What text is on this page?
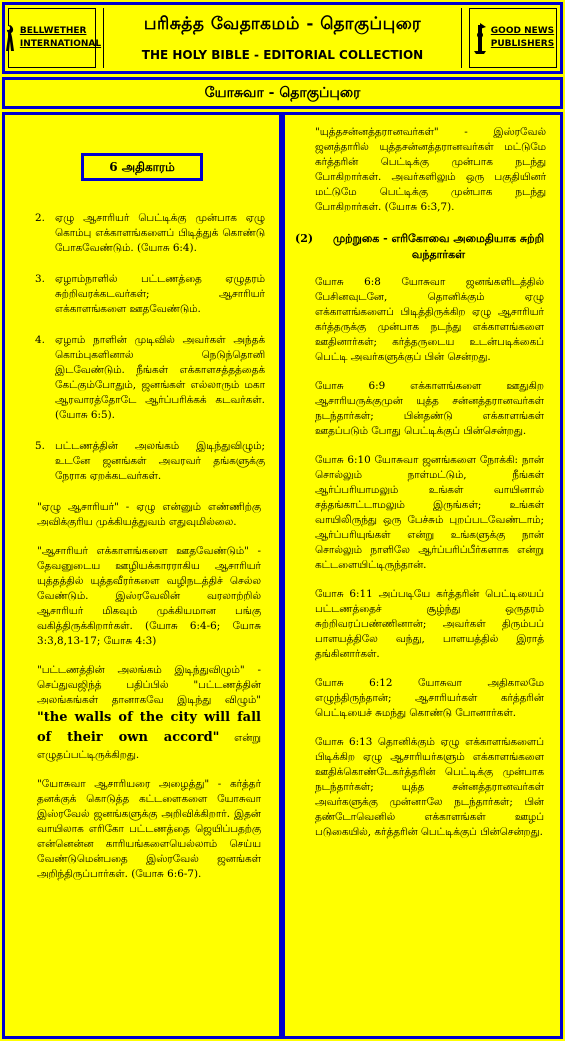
BELLWETHER
INTERNATIONAL
பரிசுத்த வேதாகமம் - தொகுப்புரை
THE HOLY BIBLE - EDITORIAL COLLECTION
GOOD NEWS
PUBLISHERS
யோசுவா - தொகுப்புரை
6 அதிகாரம்
2. ஏழு ஆசாரியர் பெட்டிக்கு முன்பாக ஏழு கொம்பு எக்காளங்களைப் பிடித்துக் கொண்டு போகவேண்டும். (யோசு 6:4).
3. ஏழாம்நாளில் பட்டணத்தை ஏழுதரம் சுற்றிவரக்கடவர்கள்; ஆசாரியர் எக்காளங்களை ஊதவேண்டும்.
4. ஏழாம் நாளின் முடிவில் அவர்கள் அந்தக் கொம்புகளினால் நெடுந்தொனி இடவேண்டும். நீங்கள் எக்காளசத்தத்தைக் கேட்கும்போதும், ஜனங்கள் எல்லாரும் மகா ஆரவாரத்தோடே ஆர்ப்பரிக்கக் கடவர்கள். (யோசு 6:5).
5. பட்டணத்தின் அலங்கம் இடிந்துவிழும்; உடனே ஜனங்கள் அவரவர் தங்களுக்கு நேராக ஏறக்கடவர்கள்.
"ஏழு ஆசாரியர்" - ஏழு என்னும் எண்ணிற்கு அவிக்குரிய முக்கியத்துவம் எதுவுமில்லை.
"ஆசாரியர் எக்காளங்களை ஊதவேண்டும்" - தேவனுடைய ஊழியக்காரராகிய ஆசாரியர் யுத்தத்தில் யுத்தவீரர்களை வழிநடத்திச் செல்ல வேண்டும். இஸ்ரவேலின் வரலாற்றில் ஆசாரியர் மிகவும் முக்கியமான பங்கு வகித்திருக்கிறார்கள். (யோசு 6:4-6; யோசு 3:3,8,13-17; யோசு 4:3)
"பட்டணத்தின் அலங்கம் இடிந்துவிழும்" - செப்துவஜிந்த் பதிப்பில் "பட்டணத்தின் அலங்கங்கள் தானாகவே இடிந்து விழும்" "the walls of the city will fall of their own accord" என்று எழுதப்பட்டிருக்கிறது.
"யோசுவா ஆசாரியரை அழைத்து" - கர்த்தர் தனக்குக் கொடுத்த கட்டளைகளை யோசுவா இஸ்ரவேல் ஜனங்களுக்கு அறிவிக்கிறார். இதன் வாயிலாக எரிகோ பட்டணத்தை ஜெயிப்பதற்கு என்னென்ன காரியங்களையெல்லாம் செய்ய வேண்டுமென்பதை இஸ்ரவேல் ஜனங்கள் அறிந்திருப்பார்கள். (யோசு 6:6-7).
"யுத்தசன்னத்தரானவர்கள்" - இஸ்ரவேல் ஜனத்தாரில் யுத்தசன்னத்தரானவர்கள் மட்டுமே கர்த்தரின் பெட்டிக்கு முன்பாக நடந்து போகிறார்கள். அவர்களிலும் ஒரு பகுதியினர் மட்டுமே பெட்டிக்கு முன்பாக நடந்து போகிறார்கள். (யோசு 6:3,7).
(2)	முற்றுகை - எரிகோவை அமைதியாக சுற்றி வந்தார்கள்
யோசு 6:8 யோசுவா ஜனங்களிடத்தில் பேசினவுடனே, தொனிக்கும் ஏழு எக்காளங்களைப் பிடித்திருக்கிற ஏழு ஆசாரியர் கர்த்தருக்கு முன்பாக நடந்து எக்காளங்களை ஊதினார்கள்; கர்த்தருடைய உடன்படிக்கைப் பெட்டி அவர்களுக்குப் பின் சென்றது.
யோசு 6:9 எக்காளங்களை ஊதுகிற ஆசாரியருக்குமுன் யுத்த சன்னத்தரானவர்கள் நடந்தார்கள்; பின்தண்டு எக்காளங்கள் ஊதப்படும் போது பெட்டிக்குப் பின்சென்றது.
யோசு 6:10 யோசுவா ஜனங்களை நோக்கி: நான் சொல்லும் நாள்மட்டும், நீங்கள் ஆர்ப்பரியாமலும் உங்கள் வாயினால் சத்தங்காட்டாமலும் இருங்கள்; உங்கள் வாயிலிருந்து ஒரு பேச்சும் புறப்படவேண்டாம்; ஆர்ப்பரியுங்கள் என்று உங்களுக்கு நான் சொல்லும் நாளிலே ஆர்ப்பரிப்பீர்களாக என்று கட்டளையிட்டிருந்தான்.
யோசு 6:11 அப்படியே கர்த்தரின் பெட்டியைப் பட்டணத்தைச் சூழ்ந்து ஒருதரம் சுற்றிவரப்பண்ணினான்; அவர்கள் திரும்பப் பாளயத்திலே வந்து, பாளயத்தில் இராத் தங்கினார்கள்.
யோசு 6:12 யோசுவா அதிகாலமே எழுந்திருந்தான்; ஆசாரியர்கள் கர்த்தரின் பெட்டியைச் சுமந்து கொண்டு போனார்கள்.
யோசு 6:13 தொனிக்கும் ஏழு எக்காளங்களைப் பிடிக்கிற ஏழு ஆசாரியர்களும் எக்காளங்களை ஊதிக்கொண்டேகர்த்தரின் பெட்டிக்கு முன்பாக நடந்தார்கள்; யுத்த சன்னத்தரானவர்கள் அவர்களுக்கு முன்னாலே நடந்தார்கள்; பின் தண்டோவெனில் எக்காளங்கள் ஊழப் படுகையில், கர்த்தரின் பெட்டிக்குப் பின்சென்றது.
